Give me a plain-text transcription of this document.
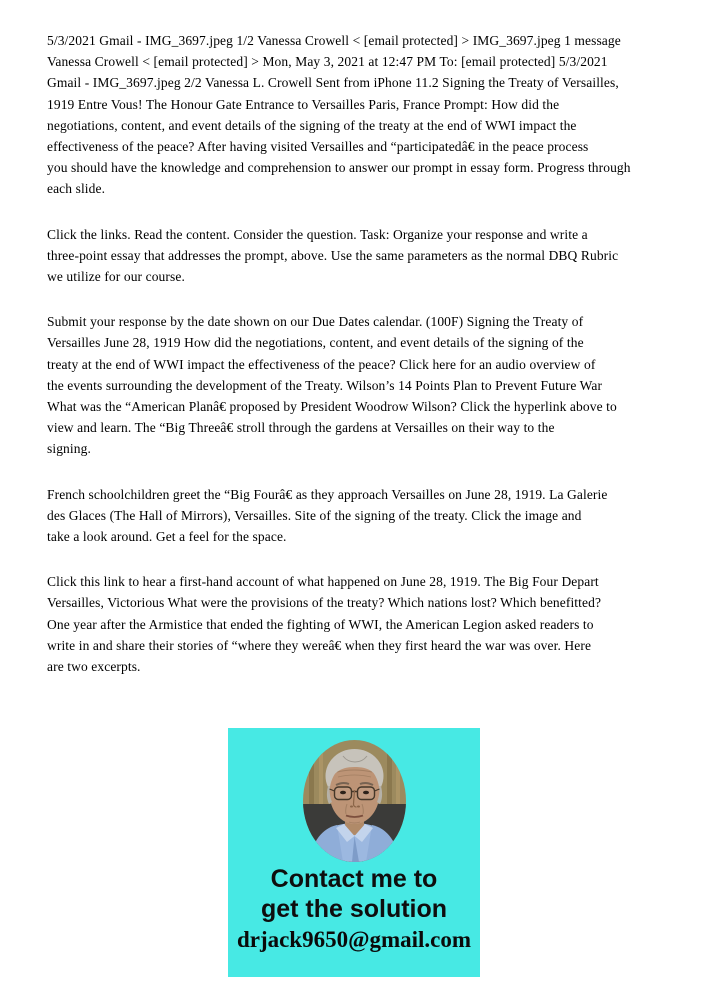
5/3/2021 Gmail - IMG_3697.jpeg 1/2 Vanessa Crowell < [email protected] > IMG_3697.jpeg 1 message
Vanessa Crowell < [email protected] > Mon, May 3, 2021 at 12:47 PM To: [email protected] 5/3/2021
Gmail - IMG_3697.jpeg 2/2 Vanessa L. Crowell Sent from iPhone 11.2 Signing the Treaty of Versailles,
1919 Entre Vous! The Honour Gate Entrance to Versailles Paris, France Prompt: How did the
negotiations, content, and event details of the signing of the treaty at the end of WWI impact the
effectiveness of the peace? After having visited Versailles and “participatedâ€ in the peace process
you should have the knowledge and comprehension to answer our prompt in essay form. Progress through
each slide.
Click the links. Read the content. Consider the question. Task: Organize your response and write a
three-point essay that addresses the prompt, above. Use the same parameters as the normal DBQ Rubric
we utilize for our course.
Submit your response by the date shown on our Due Dates calendar. (100F) Signing the Treaty of
Versailles June 28, 1919 How did the negotiations, content, and event details of the signing of the
treaty at the end of WWI impact the effectiveness of the peace? Click here for an audio overview of
the events surrounding the development of the Treaty. Wilson’s 14 Points Plan to Prevent Future War
What was the “American Planâ€ proposed by President Woodrow Wilson? Click the hyperlink above to
view and learn. The “Big Threeâ€ stroll through the gardens at Versailles on their way to the
signing.
French schoolchildren greet the “Big Fourâ€ as they approach Versailles on June 28, 1919. La Galerie
des Glaces (The Hall of Mirrors), Versailles. Site of the signing of the treaty. Click the image and
take a look around. Get a feel for the space.
Click this link to hear a first-hand account of what happened on June 28, 1919. The Big Four Depart
Versailles, Victorious What were the provisions of the treaty? Which nations lost? Which benefitted?
One year after the Armistice that ended the fighting of WWI, the American Legion asked readers to
write in and share their stories of “where they wereâ€ when they first heard the war was over. Here
are two excerpts.
Contact me to
get the solution
drjack9650@gmail.com
